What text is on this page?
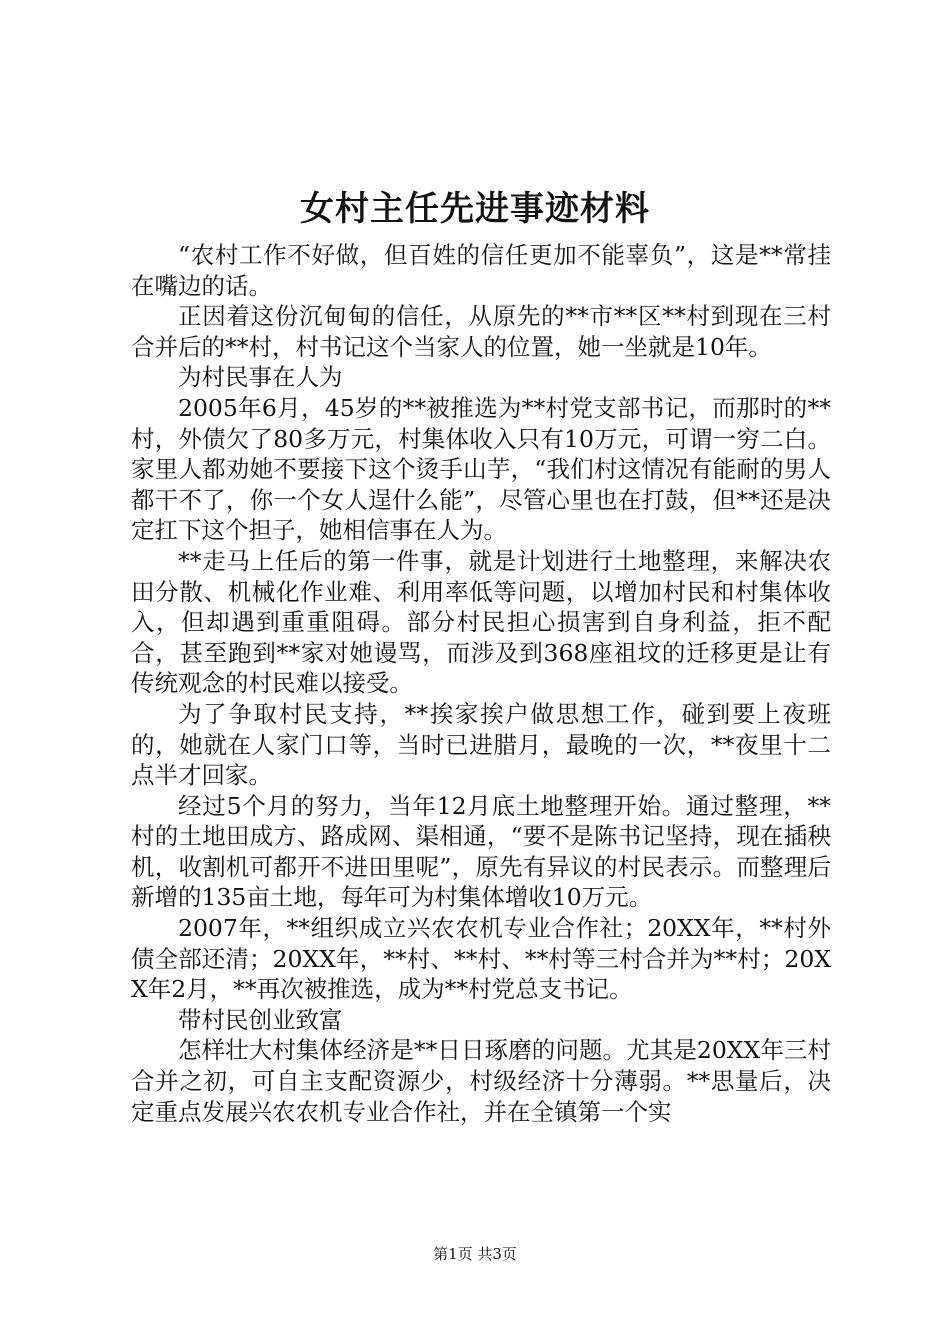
女村主任先进事迹材料

“农村工作不好做，但百姓的信任更加不能辜负”，这是**常挂在嘴边的话。

正因着这份沉甸甸的信任，从原先的**市**区**村到现在三村合并后的**村，村书记这个当家人的位置，她一坐就是10年。

为村民事在人为

2005年6月，45岁的**被推选为**村党支部书记，而那时的**村，外债欠了80多万元，村集体收入只有10万元，可谓一穷二白。家里人都劝她不要接下这个烫手山芋，“我们村这情况有能耐的男人都干不了，你一个女人逞什么能”，尽管心里也在打鼓，但**还是决定扛下这个担子，她相信事在人为。

**走马上任后的第一件事，就是计划进行土地整理，来解决农田分散、机械化作业难、利用率低等问题，以增加村民和村集体收入，但却遇到重重阻碍。部分村民担心损害到自身利益，拒不配合，甚至跑到**家对她谩骂，而涉及到368座祖坟的迁移更是让有传统观念的村民难以接受。

为了争取村民支持，**挨家挨户做思想工作，碰到要上夜班的，她就在人家门口等，当时已进腊月，最晚的一次，**夜里十二点半才回家。

经过5个月的努力，当年12月底土地整理开始。通过整理，**村的土地田成方、路成网、渠相通，“要不是陈书记坚持，现在插秧机，收割机可都开不进田里呢”，原先有异议的村民表示。而整理后新增的135亩土地，每年可为村集体增收10万元。

2007年，**组织成立兴农农机专业合作社；20XX年，**村外债全部还清；20XX年，**村、**村、**村等三村合并为**村；20XX年2月，**再次被推选，成为**村党总支书记。

带村民创业致富

怎样壮大村集体经济是**日日琢磨的问题。尤其是20XX年三村合并之初，可自主支配资源少，村级经济十分薄弱。**思量后，决定重点发展兴农农机专业合作社，并在全镇第一个实

第1页 共3页
